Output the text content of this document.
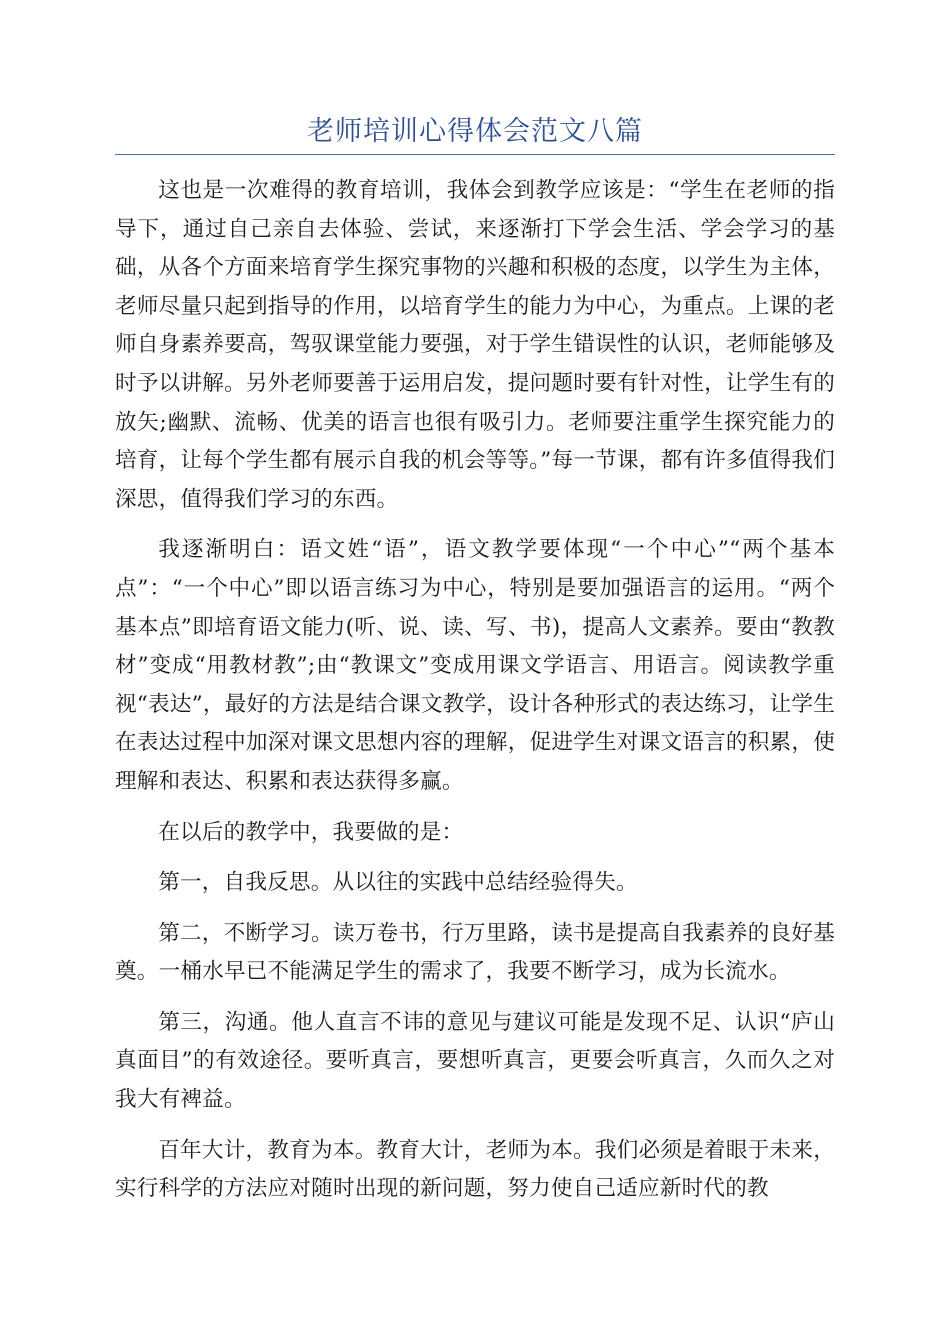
老师培训心得体会范文八篇

这也是一次难得的教育培训，我体会到教学应该是：“学生在老师的指导下，通过自己亲自去体验、尝试，来逐渐打下学会生活、学会学习的基础，从各个方面来培育学生探究事物的兴趣和积极的态度，以学生为主体，老师尽量只起到指导的作用，以培育学生的能力为中心，为重点。上课的老师自身素养要高，驾驭课堂能力要强，对于学生错误性的认识，老师能够及时予以讲解。另外老师要善于运用启发，提问题时要有针对性，让学生有的放矢;幽默、流畅、优美的语言也很有吸引力。老师要注重学生探究能力的培育，让每个学生都有展示自我的机会等等。”每一节课，都有许多值得我们深思，值得我们学习的东西。

我逐渐明白：语文姓“语”，语文教学要体现“一个中心”“两个基本点”：“一个中心”即以语言练习为中心，特别是要加强语言的运用。“两个基本点”即培育语文能力(听、说、读、写、书)，提高人文素养。要由“教教材”变成“用教材教”;由“教课文”变成用课文学语言、用语言。阅读教学重视“表达”，最好的方法是结合课文教学，设计各种形式的表达练习，让学生在表达过程中加深对课文思想内容的理解，促进学生对课文语言的积累，使理解和表达、积累和表达获得多赢。

在以后的教学中，我要做的是：

第一，自我反思。从以往的实践中总结经验得失。

第二，不断学习。读万卷书，行万里路，读书是提高自我素养的良好基奠。一桶水早已不能满足学生的需求了，我要不断学习，成为长流水。

第三，沟通。他人直言不讳的意见与建议可能是发现不足、认识“庐山真面目”的有效途径。要听真言，要想听真言，更要会听真言，久而久之对我大有裨益。

百年大计，教育为本。教育大计，老师为本。我们必须是着眼于未来，实行科学的方法应对随时出现的新问题，努力使自己适应新时代的教
